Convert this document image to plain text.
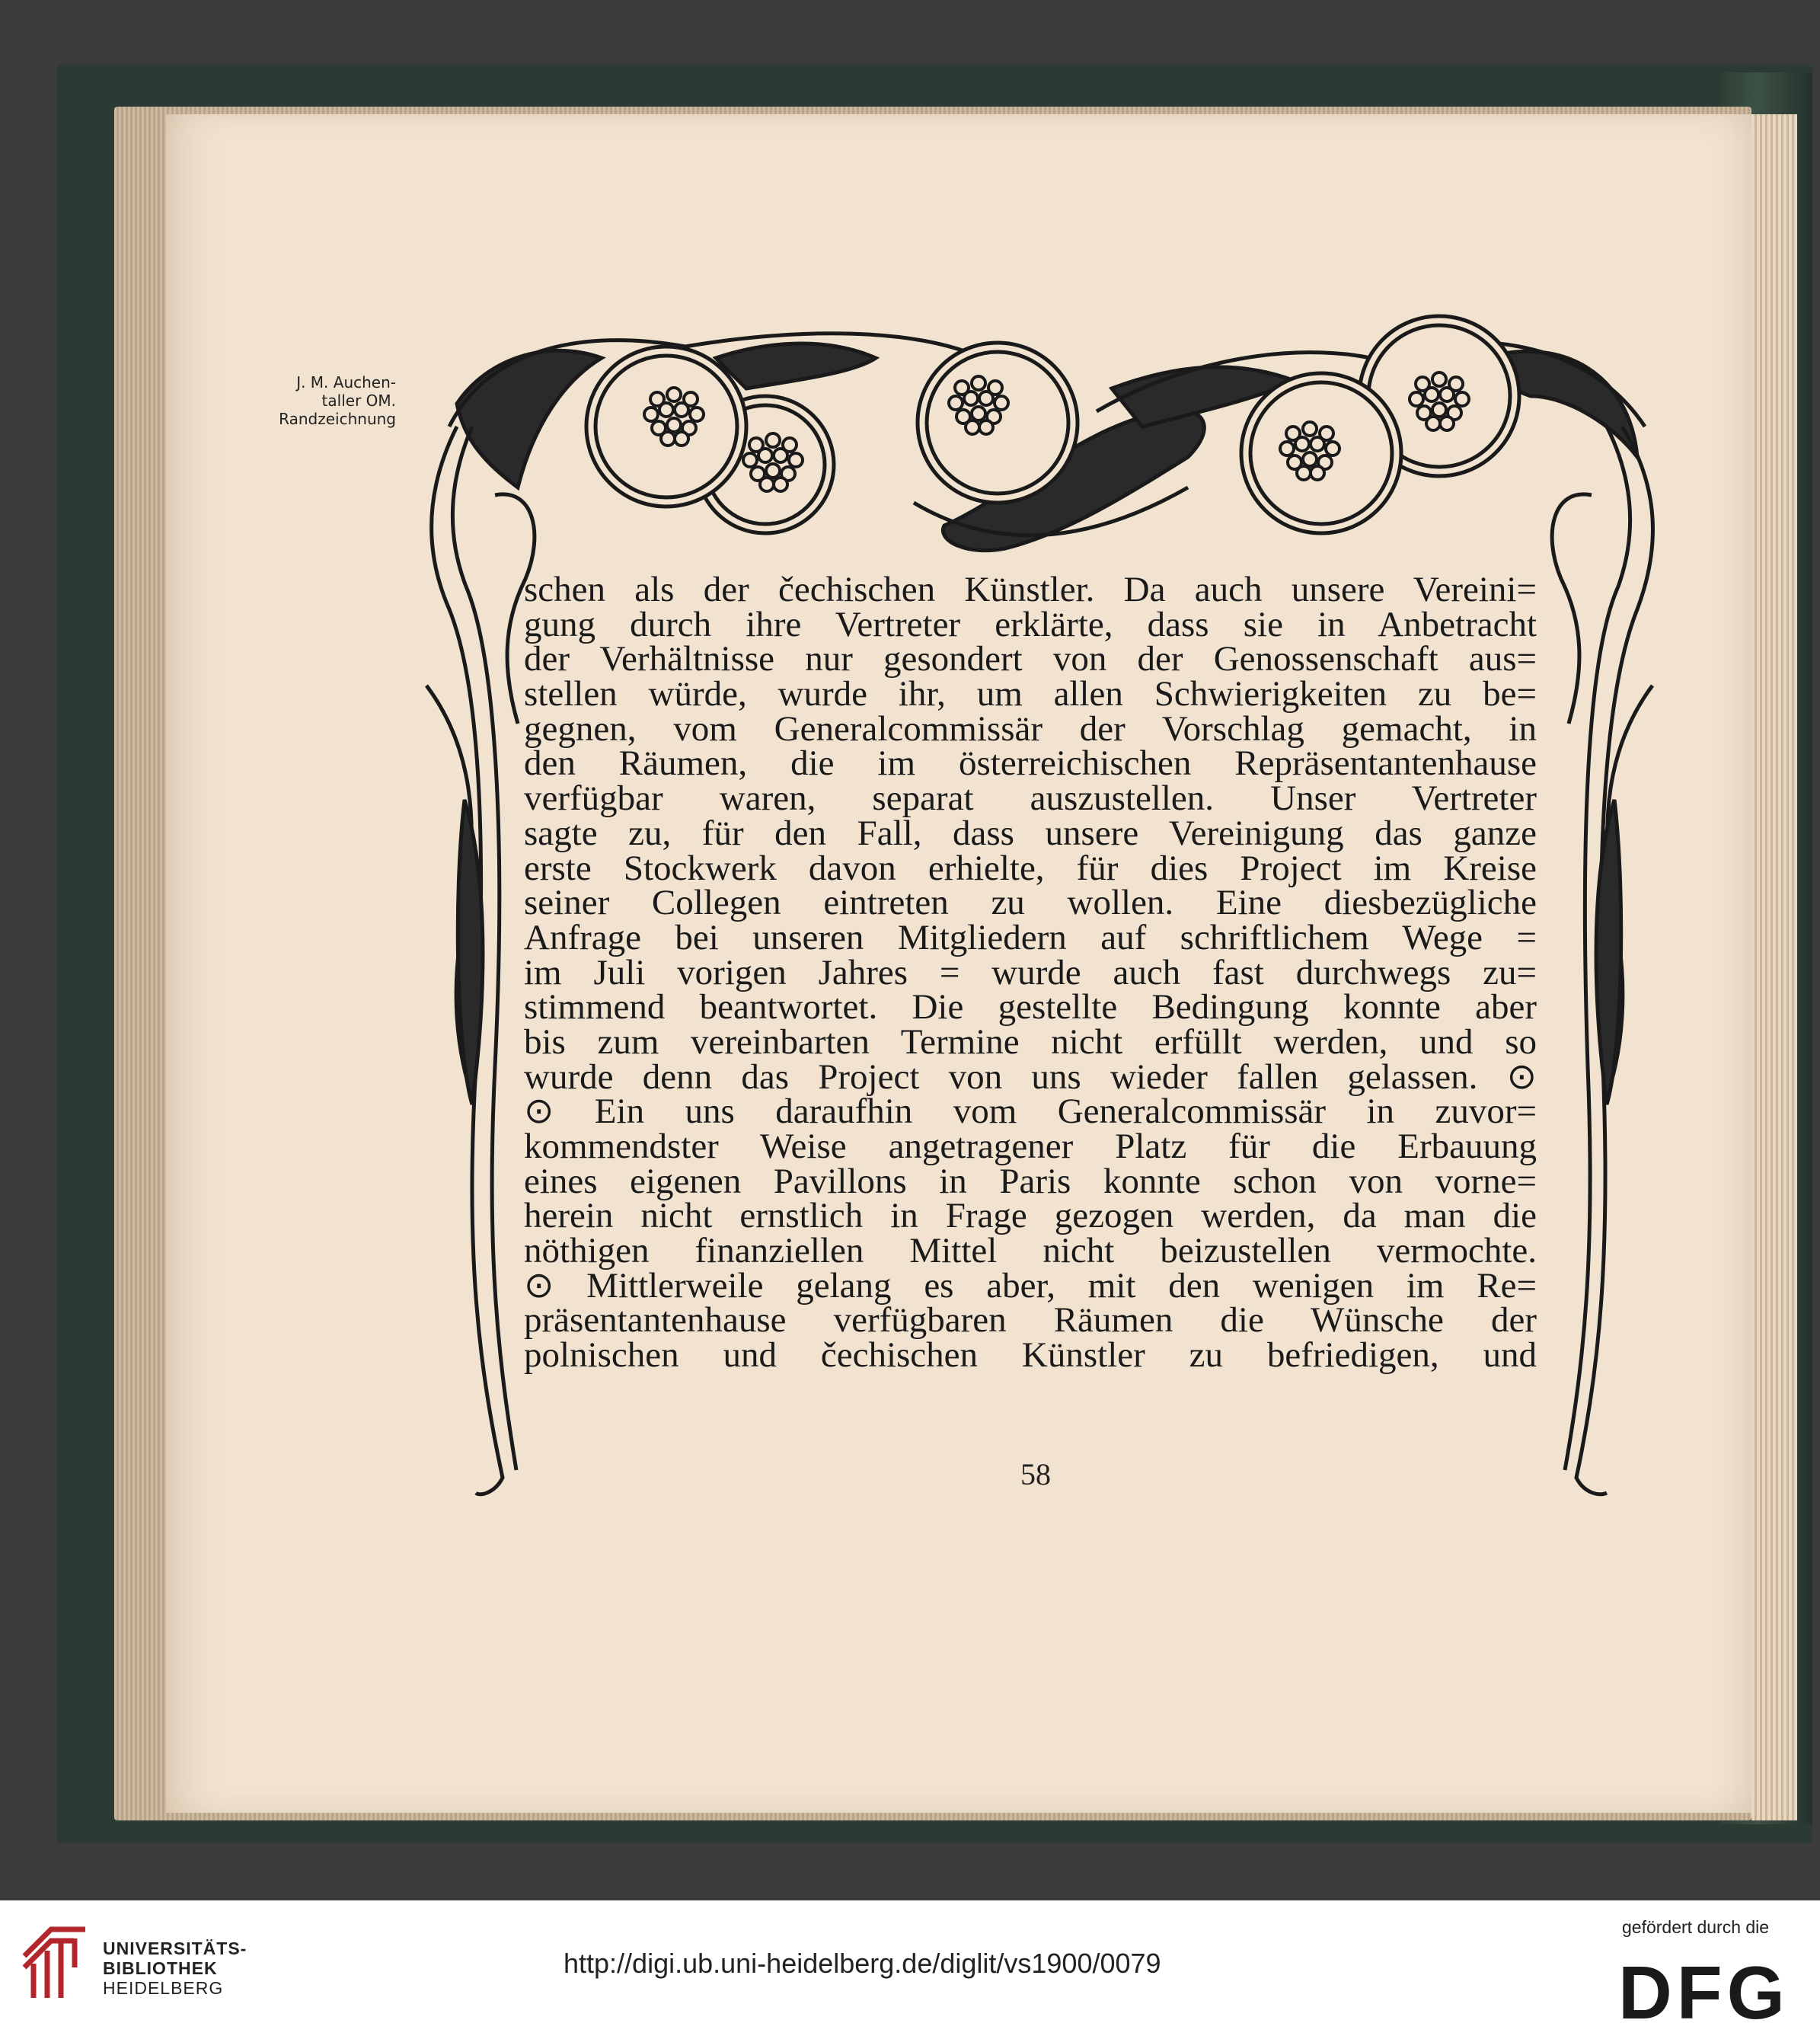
J. M. Auchen-
taller OM.
Randzeichnung
schen als der čechischen Künstler. Da auch unsere Vereini=
gung durch ihre Vertreter erklärte, dass sie in Anbetracht
der Verhältnisse nur gesondert von der Genossenschaft aus=
stellen würde, wurde ihr, um allen Schwierigkeiten zu be=
gegnen, vom Generalcommissär der Vorschlag gemacht, in
den Räumen, die im österreichischen Repräsentantenhause
verfügbar waren, separat auszustellen. Unser Vertreter
sagte zu, für den Fall, dass unsere Vereinigung das ganze
erste Stockwerk davon erhielte, für dies Project im Kreise
seiner Collegen eintreten zu wollen. Eine diesbezügliche
Anfrage bei unseren Mitgliedern auf schriftlichem Wege =
im Juli vorigen Jahres = wurde auch fast durchwegs zu=
stimmend beantwortet. Die gestellte Bedingung konnte aber
bis zum vereinbarten Termine nicht erfüllt werden, und so
wurde denn das Project von uns wieder fallen gelassen. ⊙
⊙ Ein uns daraufhin vom Generalcommissär in zuvor=
kommendster Weise angetragener Platz für die Erbauung
eines eigenen Pavillons in Paris konnte schon von vorne=
herein nicht ernstlich in Frage gezogen werden, da man die
nöthigen finanziellen Mittel nicht beizustellen vermochte.
⊙ Mittlerweile gelang es aber, mit den wenigen im Re=
präsentantenhause verfügbaren Räumen die Wünsche der
polnischen und čechischen Künstler zu befriedigen, und
58
UNIVERSITÄTS-
BIBLIOTHEK
HEIDELBERG
http://digi.ub.uni-heidelberg.de/diglit/vs1900/0079
gefördert durch die
DFG
